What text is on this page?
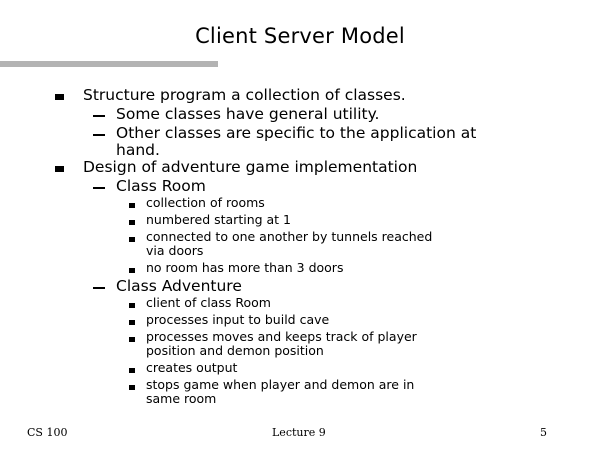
Client Server Model
Structure program a collection of classes.
Some classes have general utility.
Other classes are specific to the application at
hand.
Design of adventure game implementation
Class Room
collection of rooms
numbered starting at 1
connected to one another by tunnels reached
via doors
no room has more than 3 doors
Class Adventure
client of class Room
processes input to build cave
processes moves and keeps track of player
position and demon position
creates output
stops game when player and demon are in
same room
CS 100	Lecture 9	5
